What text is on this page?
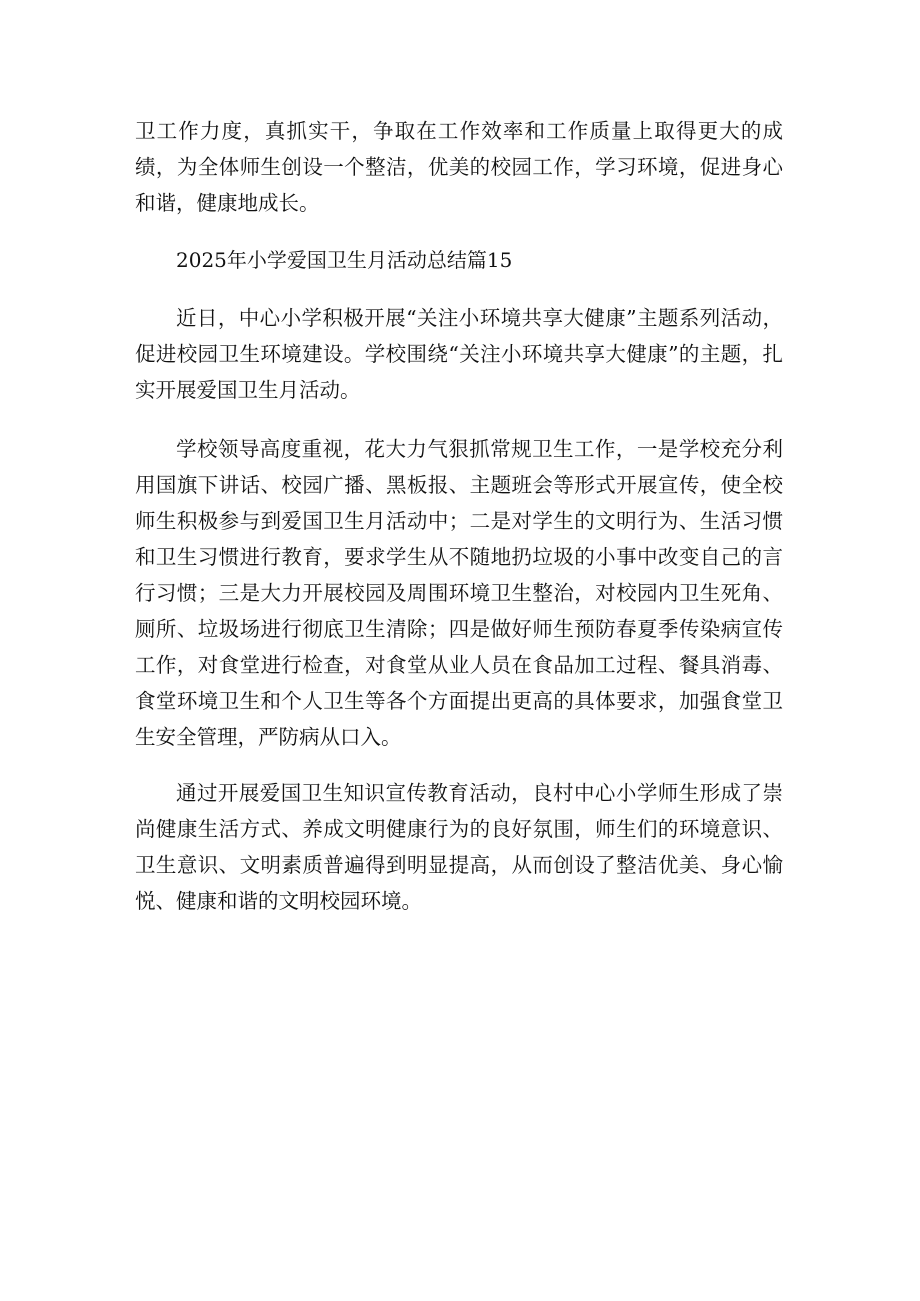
卫工作力度，真抓实干，争取在工作效率和工作质量上取得更大的成绩，为全体师生创设一个整洁，优美的校园工作，学习环境，促进身心和谐，健康地成长。

2025年小学爱国卫生月活动总结篇15

近日，中心小学积极开展“关注小环境共享大健康”主题系列活动，促进校园卫生环境建设。学校围绕“关注小环境共享大健康”的主题，扎实开展爱国卫生月活动。

学校领导高度重视，花大力气狠抓常规卫生工作，一是学校充分利用国旗下讲话、校园广播、黑板报、主题班会等形式开展宣传，使全校师生积极参与到爱国卫生月活动中；二是对学生的文明行为、生活习惯和卫生习惯进行教育，要求学生从不随地扔垃圾的小事中改变自己的言行习惯；三是大力开展校园及周围环境卫生整治，对校园内卫生死角、厕所、垃圾场进行彻底卫生清除；四是做好师生预防春夏季传染病宣传工作，对食堂进行检查，对食堂从业人员在食品加工过程、餐具消毒、食堂环境卫生和个人卫生等各个方面提出更高的具体要求，加强食堂卫生安全管理，严防病从口入。

通过开展爱国卫生知识宣传教育活动，良村中心小学师生形成了崇尚健康生活方式、养成文明健康行为的良好氛围，师生们的环境意识、卫生意识、文明素质普遍得到明显提高，从而创设了整洁优美、身心愉悦、健康和谐的文明校园环境。
